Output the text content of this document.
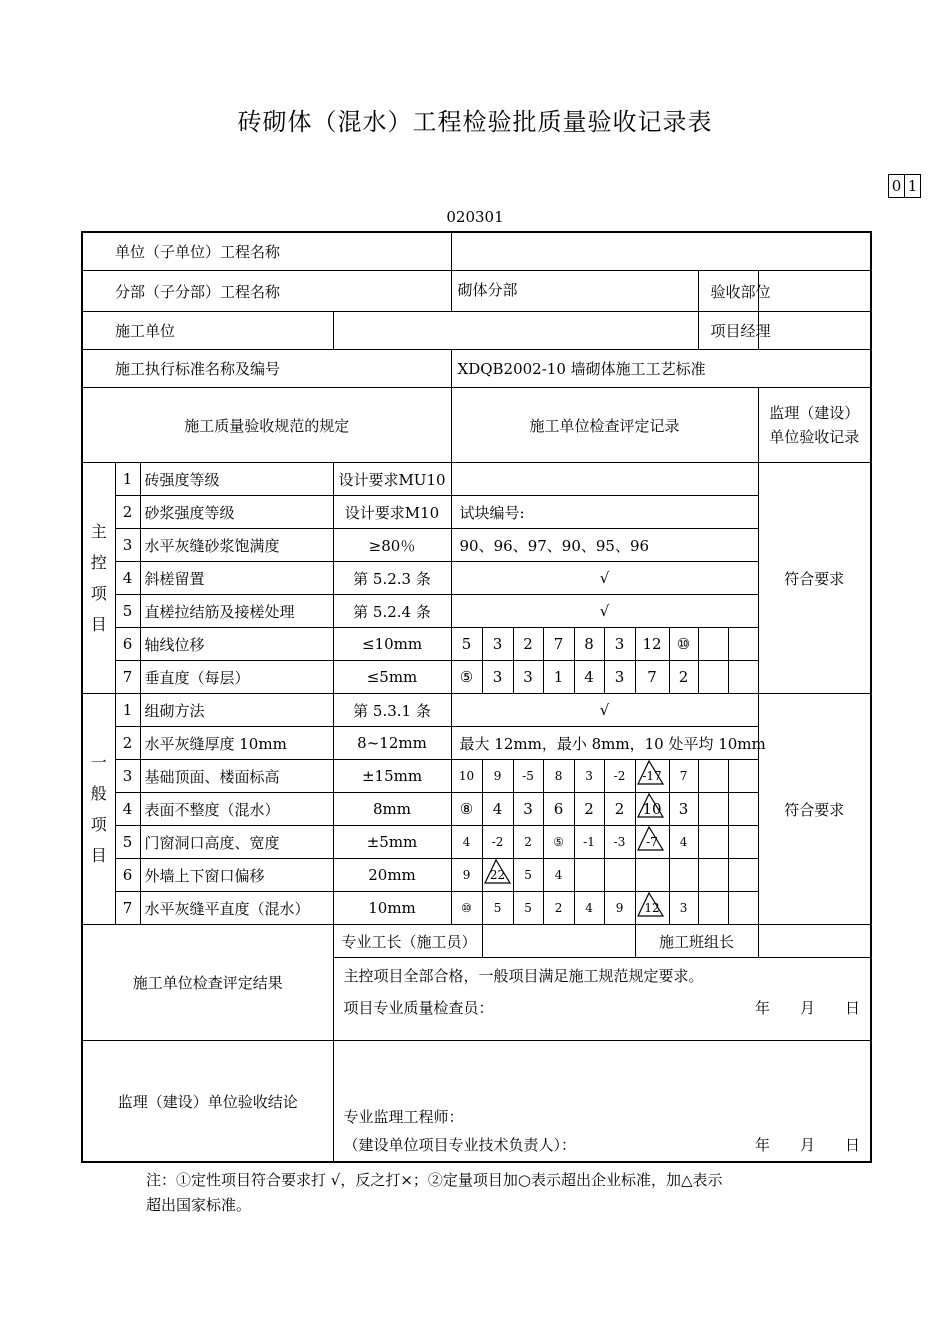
砖砌体（混水）工程检验批质量验收记录表
0 1
020301
单位（子单位）工程名称														
分部（子分部）工程名称				砌体分部								验收部位		
施工单位												项目经理		
施工执行标准名称及编号				XDQB2002-10 墙砌体施工工艺标准										
施工质量验收规范的规定				施工单位检查评定记录										监理（建设）单位验收记录

主控项目	1	砖强度等级	设计要求MU10											符合要求
	2	砂浆强度等级	设计要求M10	试块编号:										
	3	水平灰缝砂浆饱满度	≥80％	90、96、97、90、95、96										
	4	斜槎留置	第 5.2.3 条	√										
	5	直槎拉结筋及接槎处理	第 5.2.4 条	√										
	6	轴线位移	≤10mm	5	3	2	7	8	3	12	⑩			
	7	垂直度（每层）	≤5mm	⑤	3	3	1	4	3	7	2			

一般项目	1	组砌方法	第 5.3.1 条	√										符合要求
	2	水平灰缝厚度 10mm	8~12mm	最大 12mm，最小 8mm，10 处平均 10mm										
	3	基础顶面、楼面标高	±15mm	10	9	-5	8	3	-2	-17	7			
	4	表面不整度（混水）	8mm	⑧	4	3	6	2	2	10	3			
	5	门窗洞口高度、宽度	±5mm	4	-2	2	⑤	-1	-3	-7	4			
	6	外墙上下窗口偏移	20mm	9	22	5	4							
	7	水平灰缝平直度（混水）	10mm	⑩	5	5	2	4	9	12	3			
施工单位检查评定结果			专业工长（施工员）							施工班组长				

主控项目全部合格，一般项目满足施工规范规定要求。
项目专业质量检查员： 年　　月　　日											

监理（建设）单位验收结论			专业监理工程师：
（建设单位项目专业技术负责人）： 年　　月　　日											

注：①定性项目符合要求打 √，反之打×；②定量项目加○表示超出企业标准，加△表示

超出国家标准。
